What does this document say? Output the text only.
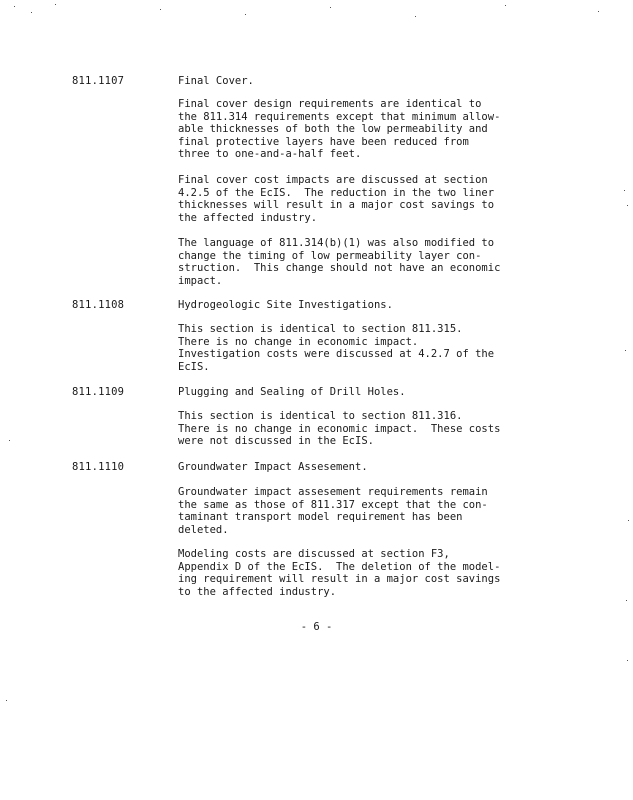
811.1107	Final Cover.

Final cover design requirements are identical to
the 811.314 requirements except that minimum allow-
able thicknesses of both the low permeability and
final protective layers have been reduced from
three to one-and-a-half feet.

Final cover cost impacts are discussed at section
4.2.5 of the EcIS.  The reduction in the two liner
thicknesses will result in a major cost savings to
the affected industry.

The language of 811.314(b)(1) was also modified to
change the timing of low permeability layer con-
struction.  This change should not have an economic
impact.

811.1108	Hydrogeologic Site Investigations.

This section is identical to section 811.315.
There is no change in economic impact.
Investigation costs were discussed at 4.2.7 of the
EcIS.

811.1109	Plugging and Sealing of Drill Holes.

This section is identical to section 811.316.
There is no change in economic impact.  These costs
were not discussed in the EcIS.

811.1110	Groundwater Impact Assesement.

Groundwater impact assesement requirements remain
the same as those of 811.317 except that the con-
taminant transport model requirement has been
deleted.

Modeling costs are discussed at section F3,
Appendix D of the EcIS.  The deletion of the model-
ing requirement will result in a major cost savings
to the affected industry.

- 6 -
